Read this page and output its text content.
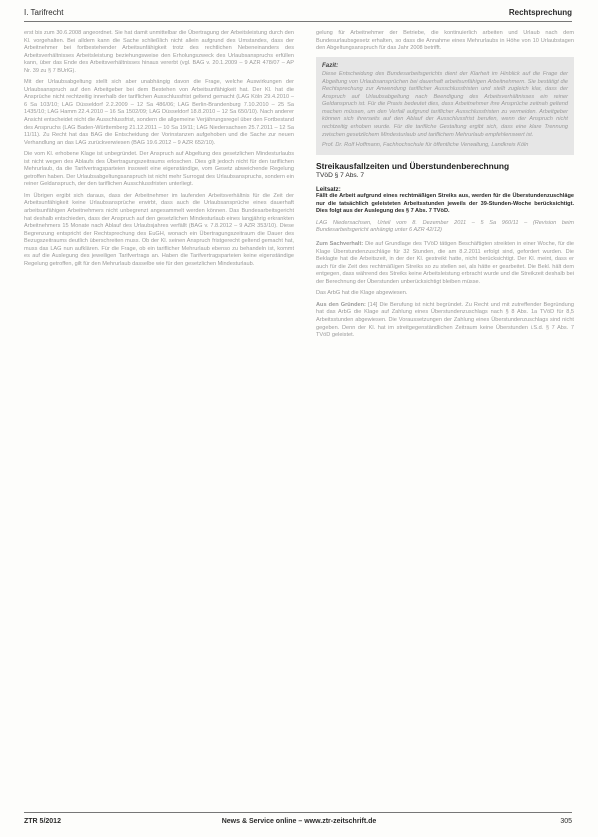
I. Tarifrecht	Rechtsprechung

erst bis zum 30.6.2008 angeordnet. Sie hat damit unmittelbar die Übertragung der Arbeitsleistung durch den Kl. vorgehalten. Bei alldem kann die Sache schließlich nicht allein aufgrund des Umstandes, dass der Arbeitnehmer bei fortbestehender Arbeitsunfähigkeit trotz des rechtlichen Nebeneinanders des Arbeitsverhältnisses Arbeitsleistung beziehungsweise den Erholungszweck des Urlaubsanspruchs erfüllen kann, über das Ende des Arbeitsverhältnisses hinaus vererbt (vgl. BAG v. 20.1.2009 – 9 AZR 478/07 – AP Nr. 39 zu § 7 BUrlG).

Mit der Urlaubsabgeltung stellt sich aber unabhängig davon die Frage, welche Auswirkungen der Urlaubsanspruch auf den Arbeitgeber bei dem Bestehen von Arbeitsunfähigkeit hat. Der Kl. hat die Ansprüche nicht rechtzeitig innerhalb der tariflichen Ausschlussfrist geltend gemacht (LAG Köln 29.4.2010 – 6 Sa 103/10; LAG Düsseldorf 2.2.2009 – 12 Sa 486/06; LAG Berlin-Brandenburg 7.10.2010 – 25 Sa 1435/10; LAG Hamm 22.4.2010 – 16 Sa 1502/09; LAG Düsseldorf 18.8.2010 – 12 Sa 650/10). Nach anderer Ansicht entscheidet nicht die Ausschlussfrist, sondern die allgemeine Verjährungsregel über den Fortbestand des Anspruchs (LAG Baden-Württemberg 21.12.2011 – 10 Sa 19/11; LAG Niedersachsen 25.7.2011 – 12 Sa 11/11). Zu Recht hat das BAG die Entscheidung der Vorinstanzen aufgehoben und die Sache zur neuen Verhandlung an das LAG zurückverwiesen (BAG 19.6.2012 – 9 AZR 652/10).

Die vom Kl. erhobene Klage ist unbegründet. Der Anspruch auf Abgeltung des gesetzlichen Mindesturlaubs ist nicht wegen des Ablaufs des Übertragungszeitraums erloschen. Dies gilt jedoch nicht für den tariflichen Mehrurlaub, da die Tarifvertragsparteien insoweit eine eigenständige, vom Gesetz abweichende Regelung getroffen haben. Der Urlaubsabgeltungsanspruch ist nicht mehr Surrogat des Urlaubsanspruchs, sondern ein reiner Geldanspruch, der den tariflichen Ausschlussfristen unterliegt.

Im Übrigen ergibt sich daraus, dass der Arbeitnehmer im laufenden Arbeitsverhältnis für die Zeit der Arbeitsunfähigkeit keine Urlaubsansprüche erwirbt, dass auch die Urlaubsansprüche eines dauerhaft arbeitsunfähigen Arbeitnehmers nicht unbegrenzt angesammelt werden können. Das Bundesarbeitsgericht hat deshalb entschieden, dass der Anspruch auf den gesetzlichen Mindesturlaub eines langjährig erkrankten Arbeitnehmers 15 Monate nach Ablauf des Urlaubsjahres verfällt (BAG v. 7.8.2012 – 9 AZR 353/10). Diese Begrenzung entspricht der Rechtsprechung des EuGH, wonach ein Übertragungszeitraum die Dauer des Bezugszeitraums deutlich überschreiten muss. Ob der Kl. seinen Anspruch fristgerecht geltend gemacht hat, muss das LAG nun aufklären. Für die Frage, ob ein tariflicher Mehrurlaub ebenso zu behandeln ist, kommt es auf die Auslegung des jeweiligen Tarifvertrags an. Haben die Tarifvertragsparteien keine eigenständige Regelung getroffen, gilt für den Mehrurlaub dasselbe wie für den gesetzlichen Mindesturlaub.

gelung für Arbeitnehmer der Betriebe, die kontinuierlich arbeiten und Urlaub nach dem Bundesurlaubsgesetz erhalten, so dass die Annahme eines Mehrurlaubs in Höhe von 10 Urlaubstagen den Abgeltungsanspruch für das Jahr 2008 betrifft.

Fazit:

Diese Entscheidung des Bundesarbeitsgerichts dient der Klarheit im Hinblick auf die Frage der Abgeltung von Urlaubsansprüchen bei dauerhaft arbeitsunfähigen Arbeitnehmern. Sie bestätigt die Rechtsprechung zur Anwendung tariflicher Ausschlussfristen und stellt zugleich klar, dass der Anspruch auf Urlaubsabgeltung nach Beendigung des Arbeitsverhältnisses ein reiner Geldanspruch ist. Für die Praxis bedeutet dies, dass Arbeitnehmer ihre Ansprüche zeitnah geltend machen müssen, um den Verfall aufgrund tariflicher Ausschlussfristen zu vermeiden. Arbeitgeber können sich ihrerseits auf den Ablauf der Ausschlussfrist berufen, wenn der Anspruch nicht rechtzeitig erhoben wurde. Für die tarifliche Gestaltung ergibt sich, dass eine klare Trennung zwischen gesetzlichem Mindesturlaub und tariflichem Mehrurlaub empfehlenswert ist.

Prof. Dr. Rolf Hoffmann, Fachhochschule für öffentliche Verwaltung, Landkreis Köln
Streikausfallzeiten und Überstundenberechnung
TVöD § 7 Abs. 7
Leitsatz:
Fällt die Arbeit aufgrund eines rechtmäßigen Streiks aus, werden für die Überstundenzuschläge nur die tatsächlich geleisteten Arbeitsstunden jeweils der 39-Stunden-Woche berücksichtigt. Dies folgt aus der Auslegung des § 7 Abs. 7 TVöD.
LAG Niedersachsen, Urteil vom 8. Dezember 2011 – 5 Sa 960/11 – (Revision beim Bundesarbeitsgericht anhängig unter 6 AZR 42/12)

Zum Sachverhalt: Die auf Grundlage des TVöD tätigen Beschäftigten streikten in einer Woche, für die Klage Überstundenzuschläge für 32 Stunden, die am 8.2.2011 erfolgt sind, gefordert wurden. Die Beklagte hat die Arbeitszeit, in der der Kl. gestreikt hatte, nicht berücksichtigt. Der Kl. meint, dass er auch für die Zeit des rechtmäßigen Streiks so zu stellen sei, als hätte er gearbeitet. Die Bekl. hält dem entgegen, dass während des Streiks keine Arbeitsleistung erbracht wurde und die Streikzeit deshalb bei der Berechnung der Überstunden unberücksichtigt bleiben müsse.

Das ArbG hat die Klage abgewiesen.

Aus den Gründen: [14] Die Berufung ist nicht begründet. Zu Recht und mit zutreffender Begründung hat das ArbG die Klage auf Zahlung eines Überstundenzuschlags nach § 8 Abs. 1a TVöD für 8,5 Arbeitsstunden abgewiesen. Die Voraussetzungen der Zahlung eines Überstundenzuschlags sind nicht gegeben. Denn der Kl. hat im streitgegenständlichen Zeitraum keine Überstunden i.S.d. § 7 Abs. 7 TVöD geleistet.

ZTR 5/2012	News & Service online – www.ztr-zeitschrift.de	305
